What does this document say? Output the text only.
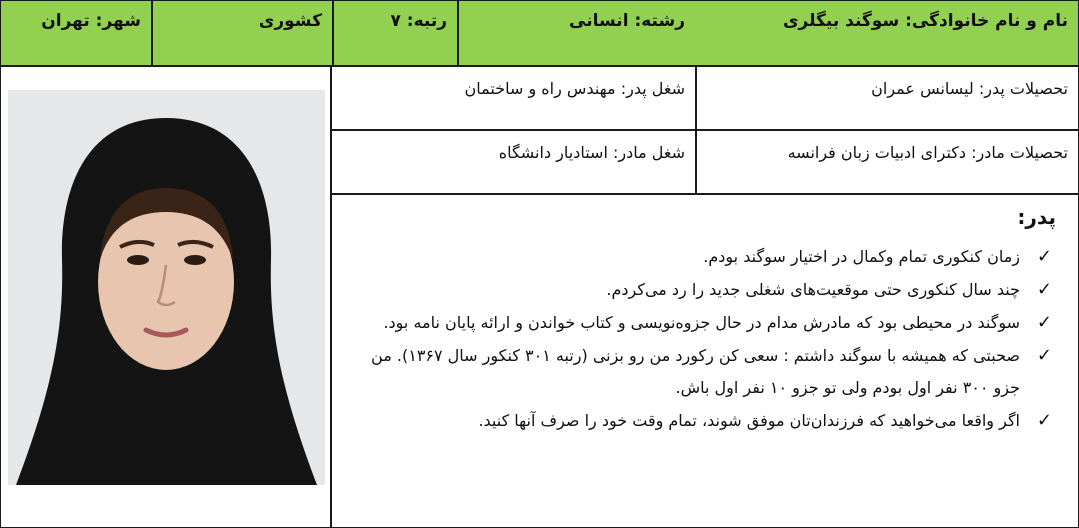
نام و نام خانوادگی: سوگند بیگلری
رشته: انسانی
رتبه: ۷
کشوری
شهر: تهران
تحصیلات پدر: لیسانس عمران
شغل پدر: مهندس راه و ساختمان
تحصیلات مادر: دکترای ادبیات زبان فرانسه
شغل مادر: استادیار دانشگاه
پدر:
✓
زمان کنکوری تمام وکمال در اختیار سوگند بودم.
✓
چند سال کنکوری حتی موقعیت‌های شغلی جدید را رد می‌کردم.
✓
سوگند در محیطی بود که مادرش مدام در حال جزوه‌نویسی و کتاب خواندن و ارائه پایان نامه بود.
✓
صحبتی که همیشه با سوگند داشتم : سعی کن رکورد من رو بزنی (رتبه ۳۰۱ کنکور سال ۱۳۶۷). من جزو ۳۰۰ نفر اول بودم ولی تو جزو ۱۰ نفر اول باش.
✓
اگر واقعا می‌خواهید که فرزندان‌تان موفق شوند، تمام وقت خود را صرف آنها کنید.
